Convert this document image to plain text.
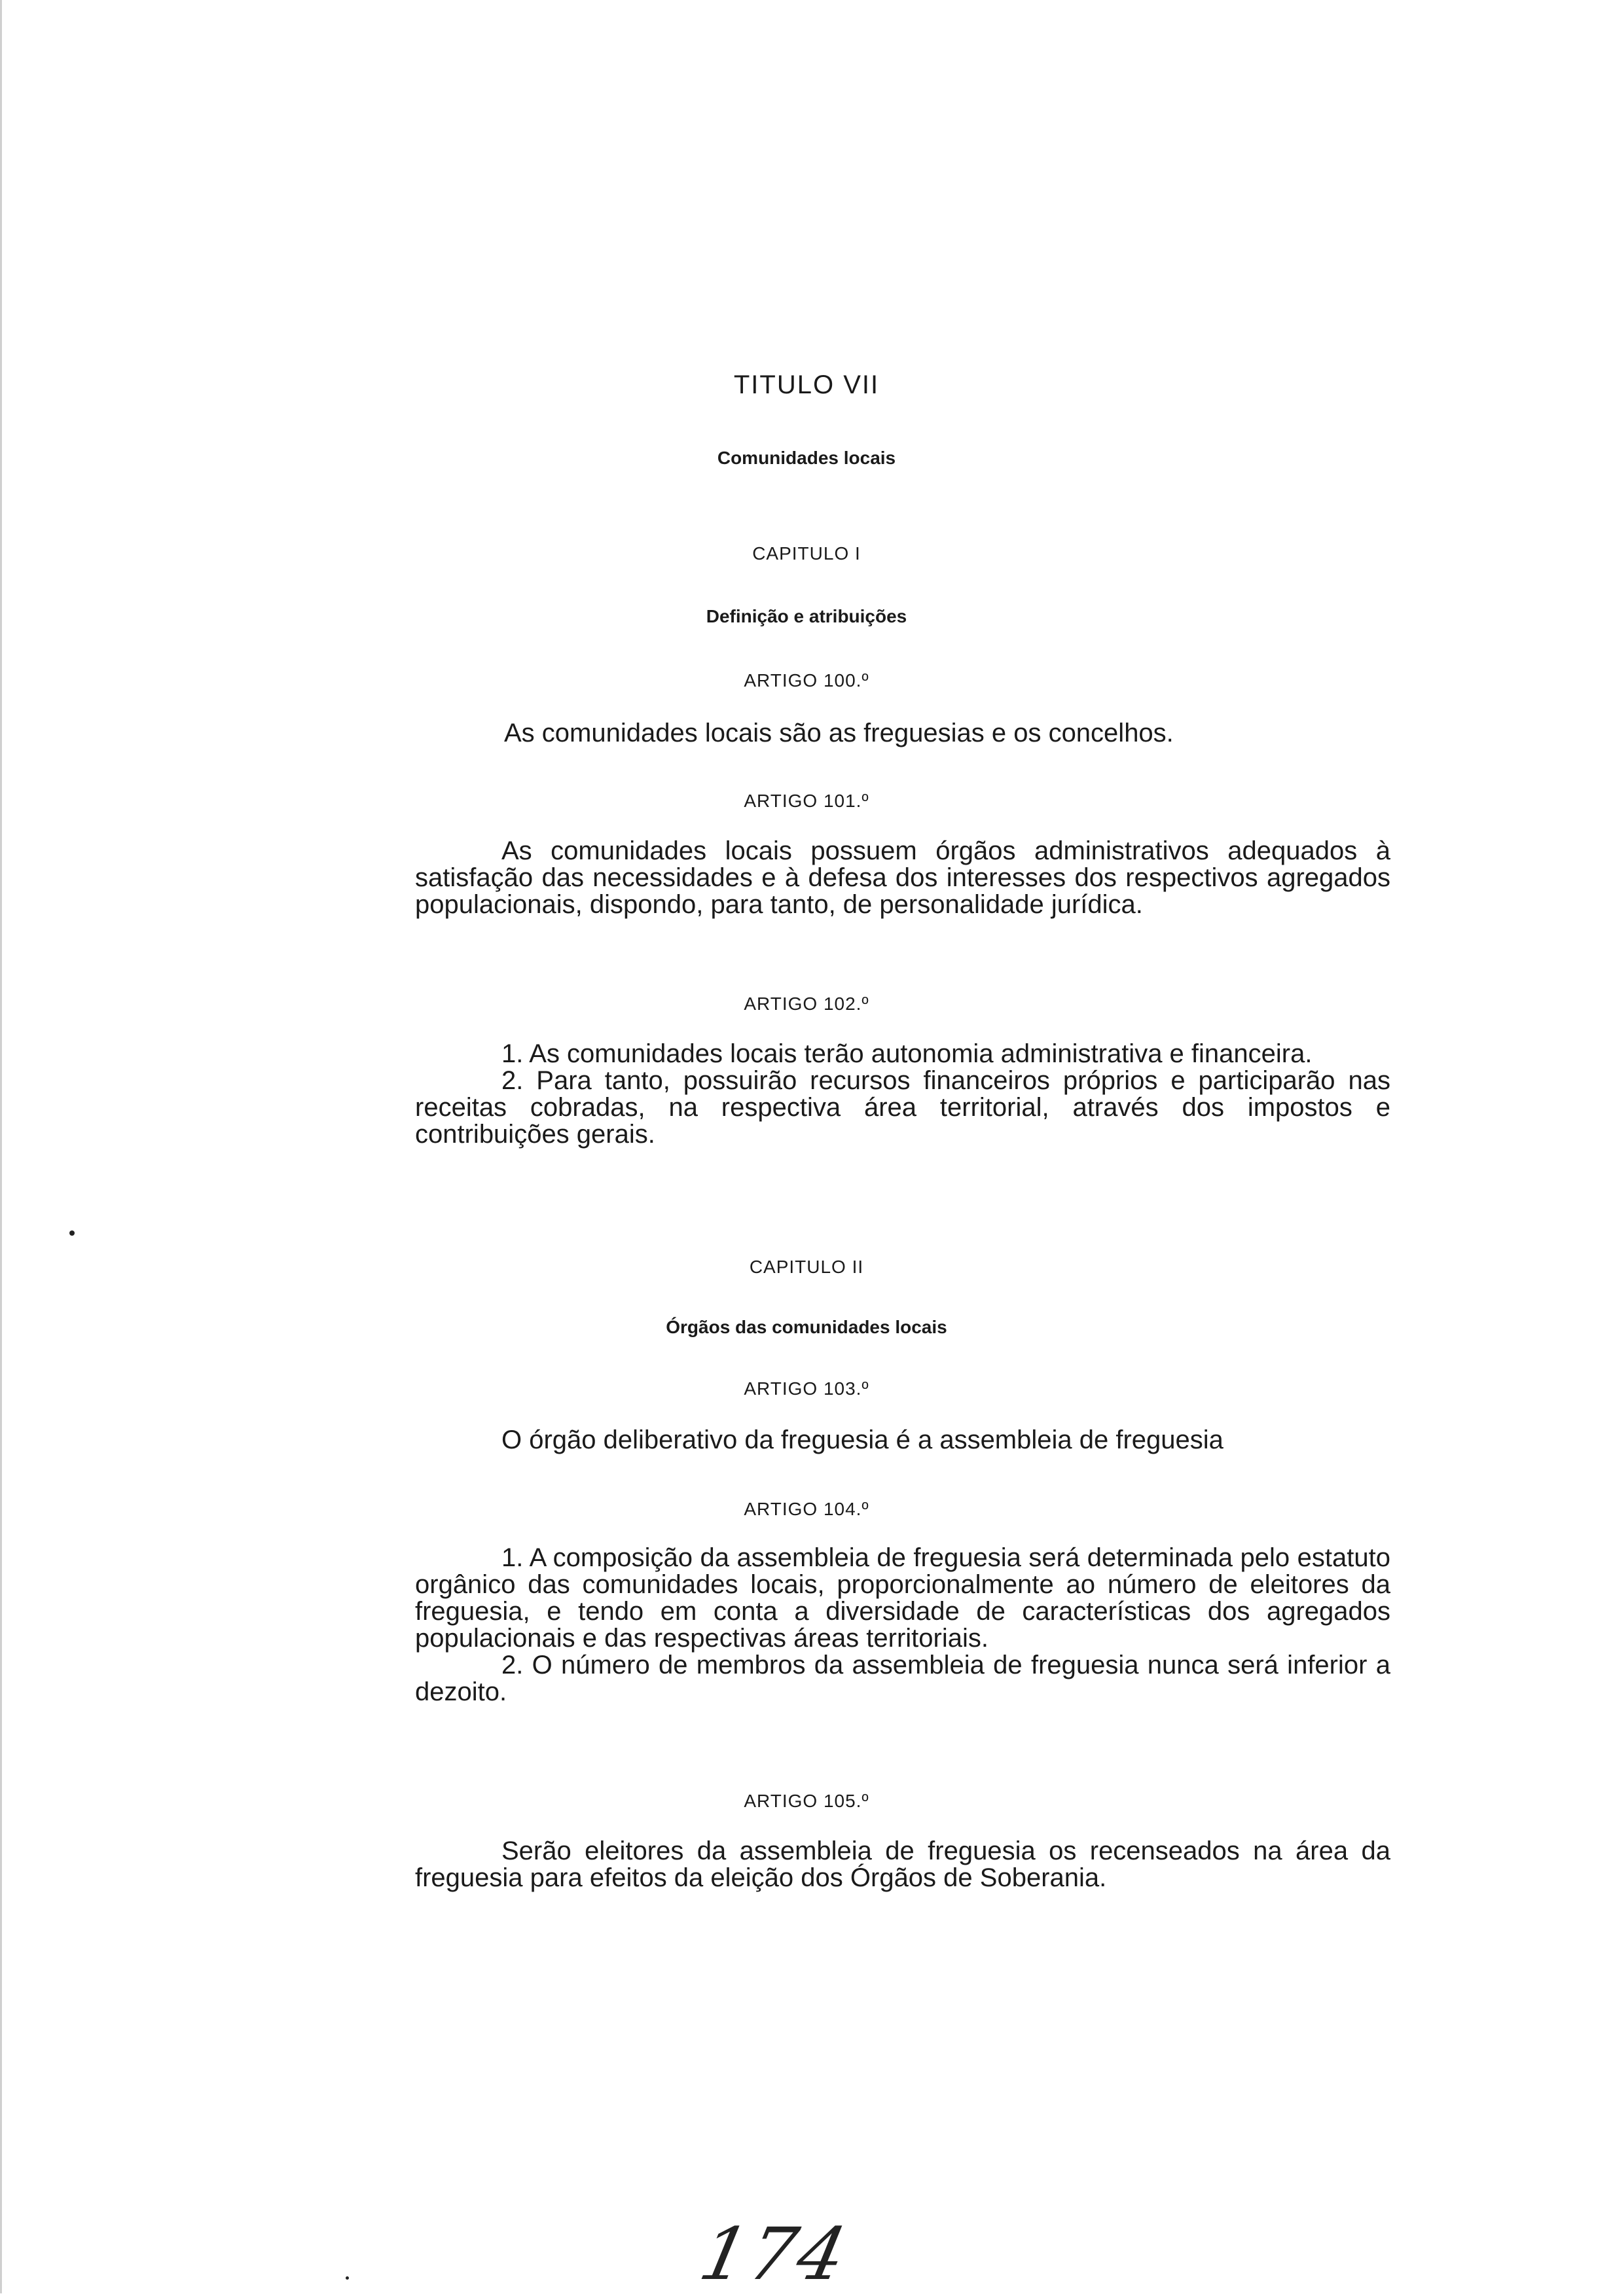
TITULO VII
Comunidades locais
CAPITULO I
Definição e atribuições
ARTIGO 100.º

As comunidades locais são as freguesias e os concelhos.

ARTIGO 101.º

As comunidades locais possuem órgãos administrativos adequados à satisfação das necessidades e à defesa dos interesses dos respectivos agregados populacionais, dispondo, para tanto, de personalidade jurídica.

ARTIGO 102.º

1. As comunidades locais terão autonomia administrativa e financeira.

2. Para tanto, possuirão recursos financeiros próprios e participarão nas receitas cobradas, na respectiva área territorial, através dos impostos e contribuições gerais.

CAPITULO II
Órgãos das comunidades locais
ARTIGO 103.º

O órgão deliberativo da freguesia é a assembleia de freguesia

ARTIGO 104.º

1. A composição da assembleia de freguesia será determinada pelo estatuto orgânico das comunidades locais, proporcionalmente ao número de eleitores da freguesia, e tendo em conta a diversidade de características dos agregados populacionais e das respectivas áreas territoriais.

2. O número de membros da assembleia de freguesia nunca será inferior a dezoito.

ARTIGO 105.º

Serão eleitores da assembleia de freguesia os recenseados na área da freguesia para efeitos da eleição dos Órgãos de Soberania.

174
